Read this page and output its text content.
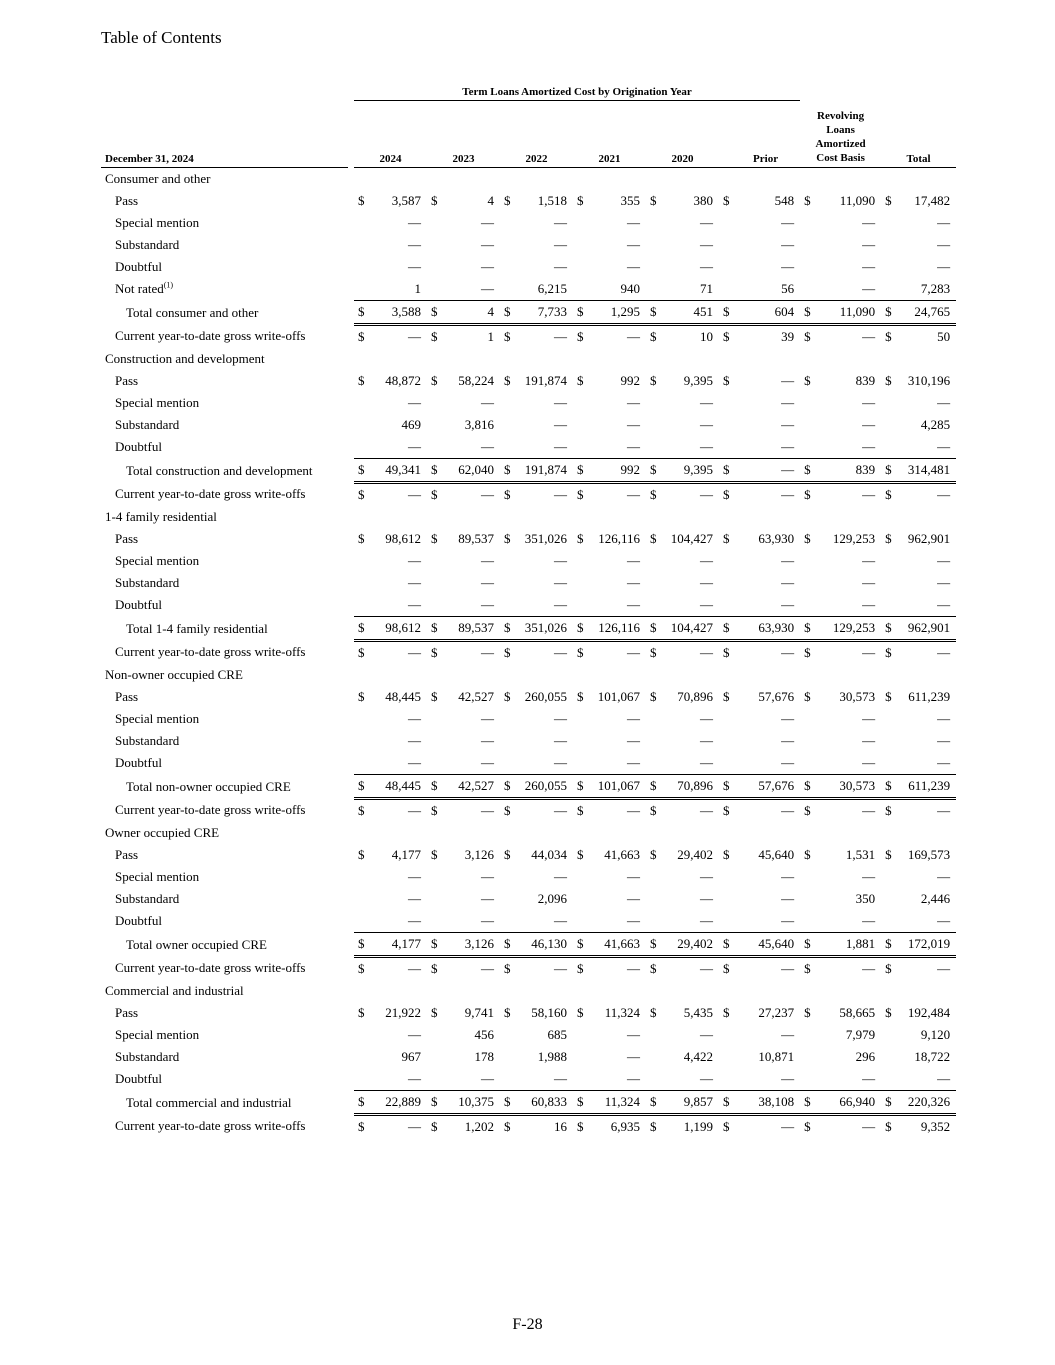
Table of Contents
		Term Loans Amortized Cost by Origination Year															
December 31, 2024		2024		2023		2022		2021		2020		Prior		Revolving
Loans
Amortized
Cost Basis		Total	
Consumer and other																	
Pass		$	3,587	$	4	$	1,518	$	355	$	380	$	548	$	11,090	$	17,482
Special mention			—		—		—		—		—		—		—		—
Substandard			—		—		—		—		—		—		—		—
Doubtful			—		—		—		—		—		—		—		—
Not rated$^{(1)}$			1		—		6,215		940		71		56		—		7,283
Total consumer and other		$	3,588	$	4	$	7,733	$	1,295	$	451	$	604	$	11,090	$	24,765
Current year-to-date gross write-offs		$	—	$	1	$	—	$	—	$	10	$	39	$	—	$	50
Construction and development																	
Pass		$	48,872	$	58,224	$	191,874	$	992	$	9,395	$	—	$	839	$	310,196
Special mention			—		—		—		—		—		—		—		—
Substandard			469		3,816		—		—		—		—		—		4,285
Doubtful			—		—		—		—		—		—		—		—
Total construction and development		$	49,341	$	62,040	$	191,874	$	992	$	9,395	$	—	$	839	$	314,481
Current year-to-date gross write-offs		$	—	$	—	$	—	$	—	$	—	$	—	$	—	$	—
1-4 family residential																	
Pass		$	98,612	$	89,537	$	351,026	$	126,116	$	104,427	$	63,930	$	129,253	$	962,901
Special mention			—		—		—		—		—		—		—		—
Substandard			—		—		—		—		—		—		—		—
Doubtful			—		—		—		—		—		—		—		—
Total 1-4 family residential		$	98,612	$	89,537	$	351,026	$	126,116	$	104,427	$	63,930	$	129,253	$	962,901
Current year-to-date gross write-offs		$	—	$	—	$	—	$	—	$	—	$	—	$	—	$	—
Non-owner occupied CRE																	
Pass		$	48,445	$	42,527	$	260,055	$	101,067	$	70,896	$	57,676	$	30,573	$	611,239
Special mention			—		—		—		—		—		—		—		—
Substandard			—		—		—		—		—		—		—		—
Doubtful			—		—		—		—		—		—		—		—
Total non-owner occupied CRE		$	48,445	$	42,527	$	260,055	$	101,067	$	70,896	$	57,676	$	30,573	$	611,239
Current year-to-date gross write-offs		$	—	$	—	$	—	$	—	$	—	$	—	$	—	$	—
Owner occupied CRE																	
Pass		$	4,177	$	3,126	$	44,034	$	41,663	$	29,402	$	45,640	$	1,531	$	169,573
Special mention			—		—		—		—		—		—		—		—
Substandard			—		—		2,096		—		—		—		350		2,446
Doubtful			—		—		—		—		—		—		—		—
Total owner occupied CRE		$	4,177	$	3,126	$	46,130	$	41,663	$	29,402	$	45,640	$	1,881	$	172,019
Current year-to-date gross write-offs		$	—	$	—	$	—	$	—	$	—	$	—	$	—	$	—
Commercial and industrial																	
Pass		$	21,922	$	9,741	$	58,160	$	11,324	$	5,435	$	27,237	$	58,665	$	192,484
Special mention			—		456		685		—		—		—		7,979		9,120
Substandard			967		178		1,988		—		4,422		10,871		296		18,722
Doubtful			—		—		—		—		—		—		—		—
Total commercial and industrial		$	22,889	$	10,375	$	60,833	$	11,324	$	9,857	$	38,108	$	66,940	$	220,326
Current year-to-date gross write-offs		$	—	$	1,202	$	16	$	6,935	$	1,199	$	—	$	—	$	9,352
F-28
